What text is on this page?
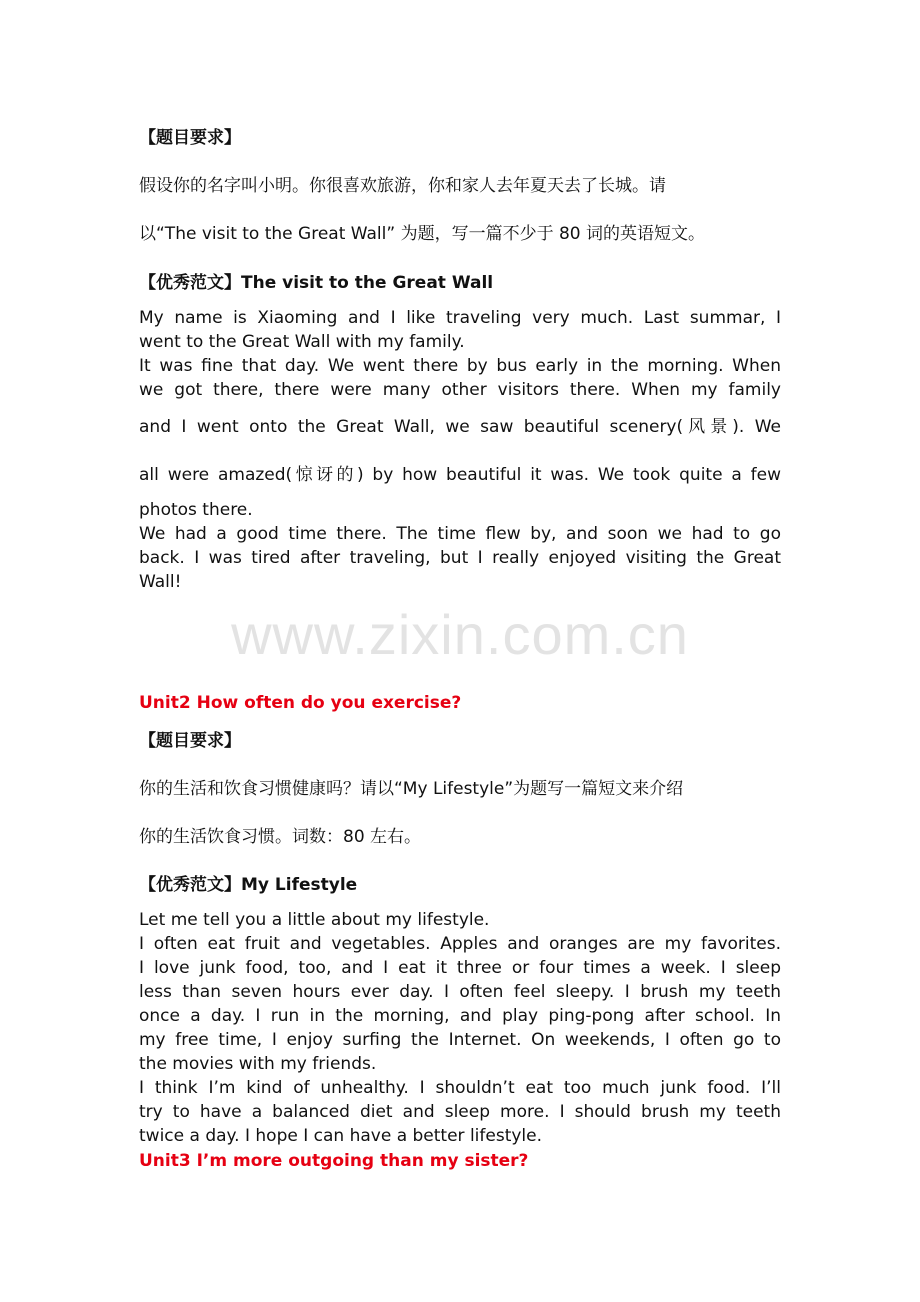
【题目要求】
假设你的名字叫小明。你很喜欢旅游，你和家人去年夏天去了长城。请
以“The visit to the Great Wall” 为题，写一篇不少于 80 词的英语短文。
【优秀范文】The visit to the Great Wall
My name is Xiaoming and I like traveling very much. Last summar, I
went to the Great Wall with my family.
It was fine that day. We went there by bus early in the morning. When
we got there, there were many other visitors there. When my family
and I went onto the Great Wall, we saw beautiful scenery(风景). We
all were amazed(惊讶的) by how beautiful it was. We took quite a few
photos there.
We had a good time there. The time flew by, and soon we had to go
back. I was tired after traveling, but I really enjoyed visiting the Great
Wall!
www.zixin.com.cn
Unit2 How often do you exercise?
【题目要求】
你的生活和饮食习惯健康吗？请以“My Lifestyle”为题写一篇短文来介绍
你的生活饮食习惯。词数：80 左右。
【优秀范文】My Lifestyle
Let me tell you a little about my lifestyle.
I often eat fruit and vegetables. Apples and oranges are my favorites.
I love junk food, too, and I eat it three or four times a week. I sleep
less than seven hours ever day. I often feel sleepy. I brush my teeth
once a day. I run in the morning, and play ping-pong after school. In
my free time, I enjoy surfing the Internet. On weekends, I often go to
the movies with my friends.
I think I’m kind of unhealthy. I shouldn’t eat too much junk food. I’ll
try to have a balanced diet and sleep more. I should brush my teeth
twice a day. I hope I can have a better lifestyle.
Unit3 I’m more outgoing than my sister?
